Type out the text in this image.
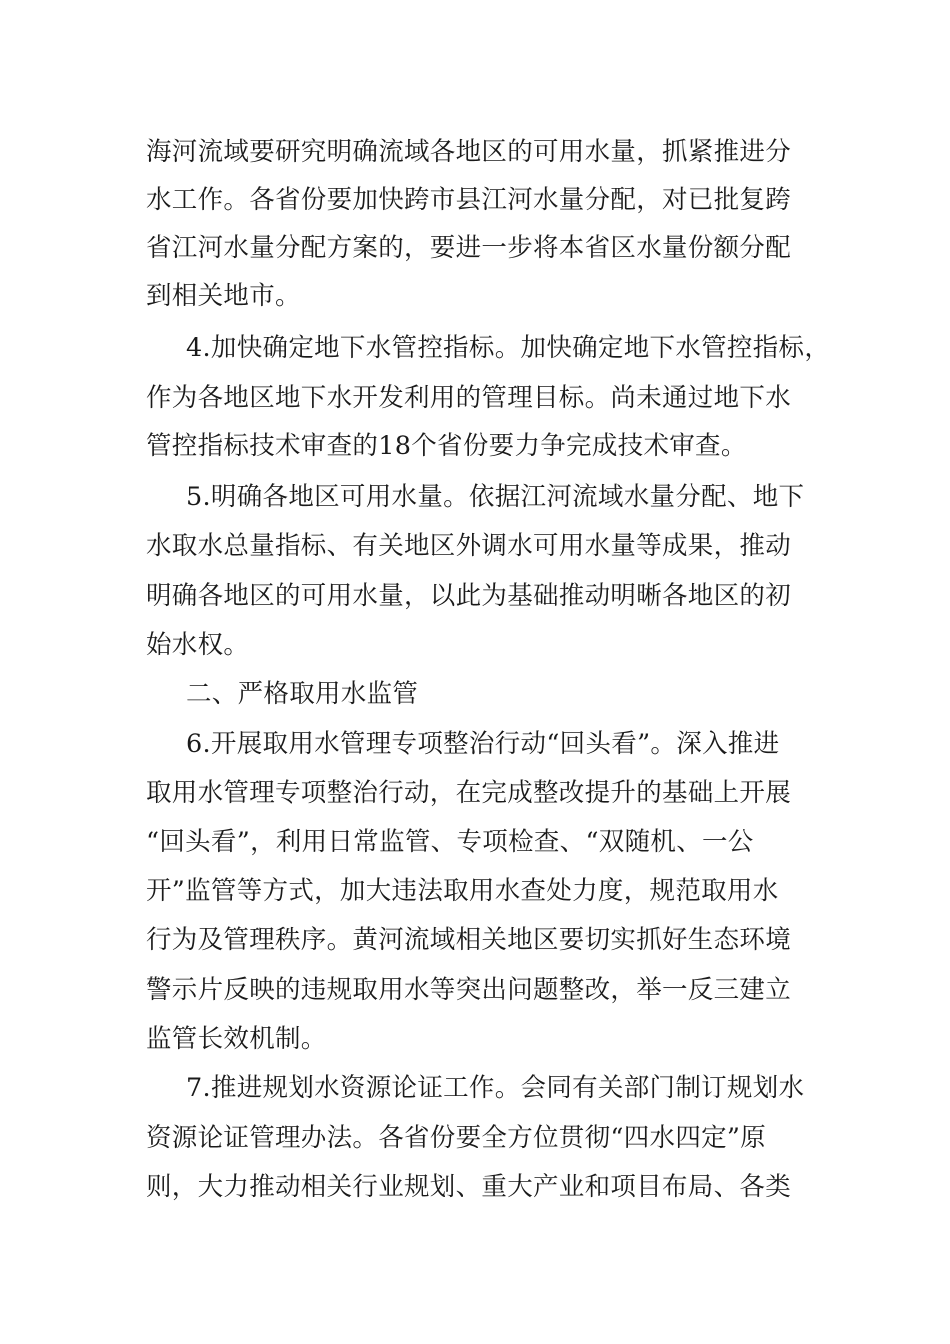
海河流域要研究明确流域各地区的可用水量，抓紧推进分
水工作。各省份要加快跨市县江河水量分配，对已批复跨
省江河水量分配方案的，要进一步将本省区水量份额分配
到相关地市。
4.加快确定地下水管控指标。加快确定地下水管控指标，
作为各地区地下水开发利用的管理目标。尚未通过地下水
管控指标技术审查的18个省份要力争完成技术审查。
5.明确各地区可用水量。依据江河流域水量分配、地下
水取水总量指标、有关地区外调水可用水量等成果，推动
明确各地区的可用水量，以此为基础推动明晰各地区的初
始水权。
二、严格取用水监管
6.开展取用水管理专项整治行动“回头看”。深入推进
取用水管理专项整治行动，在完成整改提升的基础上开展
“回头看”，利用日常监管、专项检查、“双随机、一公
开”监管等方式，加大违法取用水查处力度，规范取用水
行为及管理秩序。黄河流域相关地区要切实抓好生态环境
警示片反映的违规取用水等突出问题整改，举一反三建立
监管长效机制。
7.推进规划水资源论证工作。会同有关部门制订规划水
资源论证管理办法。各省份要全方位贯彻“四水四定”原
则，大力推动相关行业规划、重大产业和项目布局、各类
